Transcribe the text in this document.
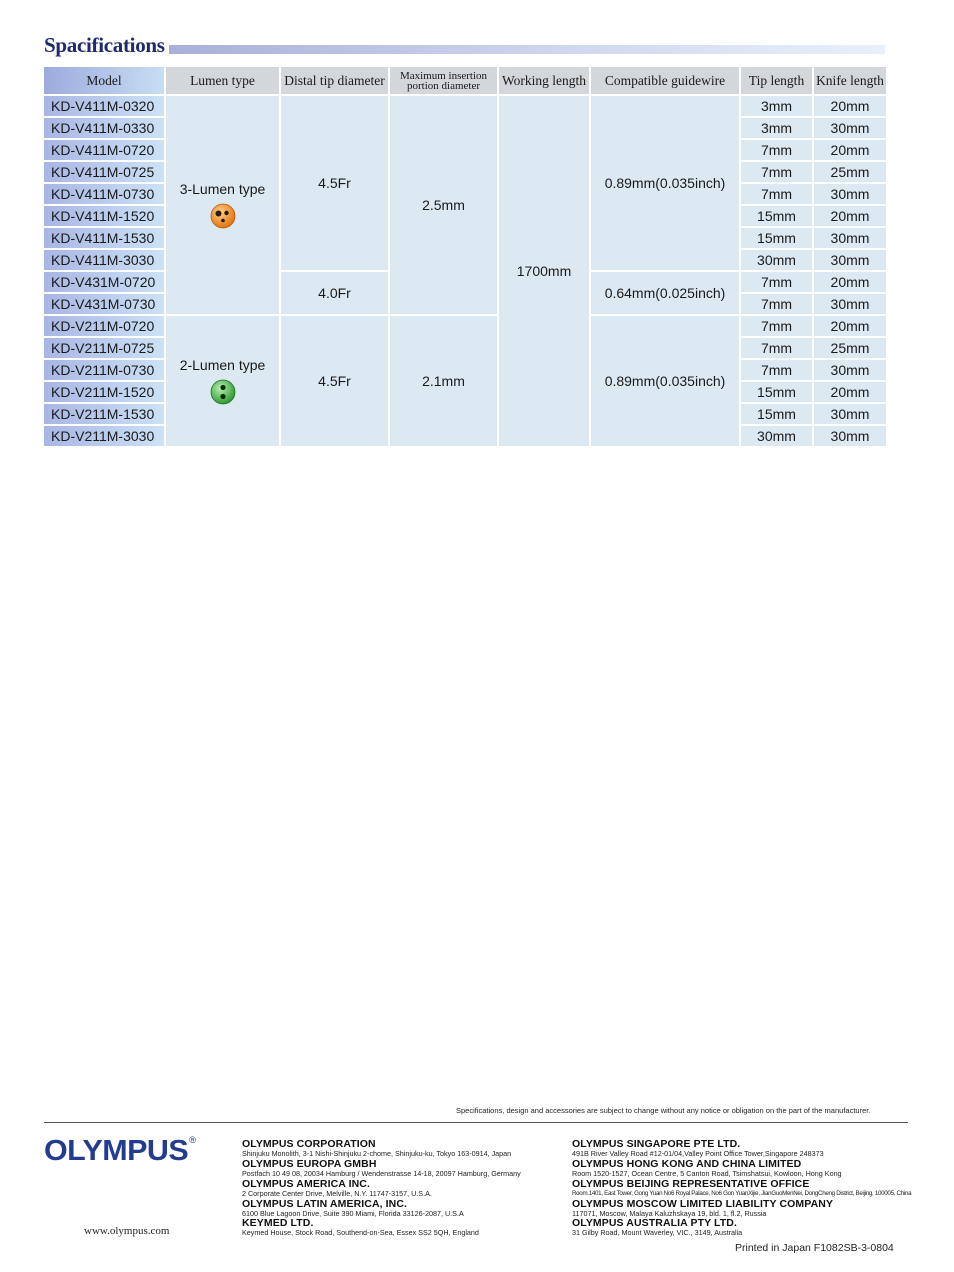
Spacifications
Model	Lumen type	Distal tip diameter	Maximum insertion
portion diameter	Working length	Compatible guidewire	Tip length	Knife length
KD-V411M-0320	3-Lumen type	4.5Fr	2.5mm	1700mm	0.89mm(0.035inch)	3mm	20mm
KD-V411M-0330						3mm	30mm
KD-V411M-0720						7mm	20mm
KD-V411M-0725						7mm	25mm
KD-V411M-0730						7mm	30mm
KD-V411M-1520						15mm	20mm
KD-V411M-1530						15mm	30mm
KD-V411M-3030						30mm	30mm
KD-V431M-0720		4.0Fr			0.64mm(0.025inch)	7mm	20mm
KD-V431M-0730						7mm	30mm
KD-V211M-0720	2-Lumen type	4.5Fr	2.1mm		0.89mm(0.035inch)	7mm	20mm
KD-V211M-0725						7mm	25mm
KD-V211M-0730						7mm	30mm
KD-V211M-1520						15mm	20mm
KD-V211M-1530						15mm	30mm
KD-V211M-3030						30mm	30mm
Specifications, design and accessories are subject to change without any notice or obligation on the part of the manufacturer.
OLYMPUS®
www.olympus.com
OLYMPUS CORPORATION
Shinjuku Monolith, 3-1 Nishi-Shinjuku 2-chome, Shinjuku-ku, Tokyo 163-0914, Japan
OLYMPUS EUROPA GMBH
Postfach 10 49 08, 20034 Hamburg / Wendenstrasse 14-18, 20097 Hamburg, Germany
OLYMPUS AMERICA INC.
2 Corporate Center Drive, Melville, N.Y. 11747-3157, U.S.A.
OLYMPUS LATIN AMERICA, INC.
6100 Blue Lagoon Drive, Suite 390 Miami, Florida 33126-2087, U.S.A
KEYMED LTD.
Keymed House, Stock Road, Southend-on-Sea, Essex SS2 5QH, England
OLYMPUS SINGAPORE PTE LTD.
491B River Valley Road #12-01/04,Valley Point Office Tower,Singapore 248373
OLYMPUS HONG KONG AND CHINA LIMITED
Room 1520-1527, Ocean Centre, 5 Canton Road, Tsimshatsui, Kowloon, Hong Kong
OLYMPUS BEIJING REPRESENTATIVE OFFICE
Room.1401, East Tower, Gong Yuan No6 Royal Palace, No6 Gon YuanXijie, JianGuoMenNei, DongCheng District, Beijing, 100005, China
OLYMPUS MOSCOW LIMITED LIABILITY COMPANY
117071, Moscow, Malaya Kaluzhskaya 19, bld. 1, fl.2, Russia
OLYMPUS AUSTRALIA PTY LTD.
31 Gilby Road, Mount Waverley, VIC., 3149, Australia
Printed in Japan F1082SB-3-0804
